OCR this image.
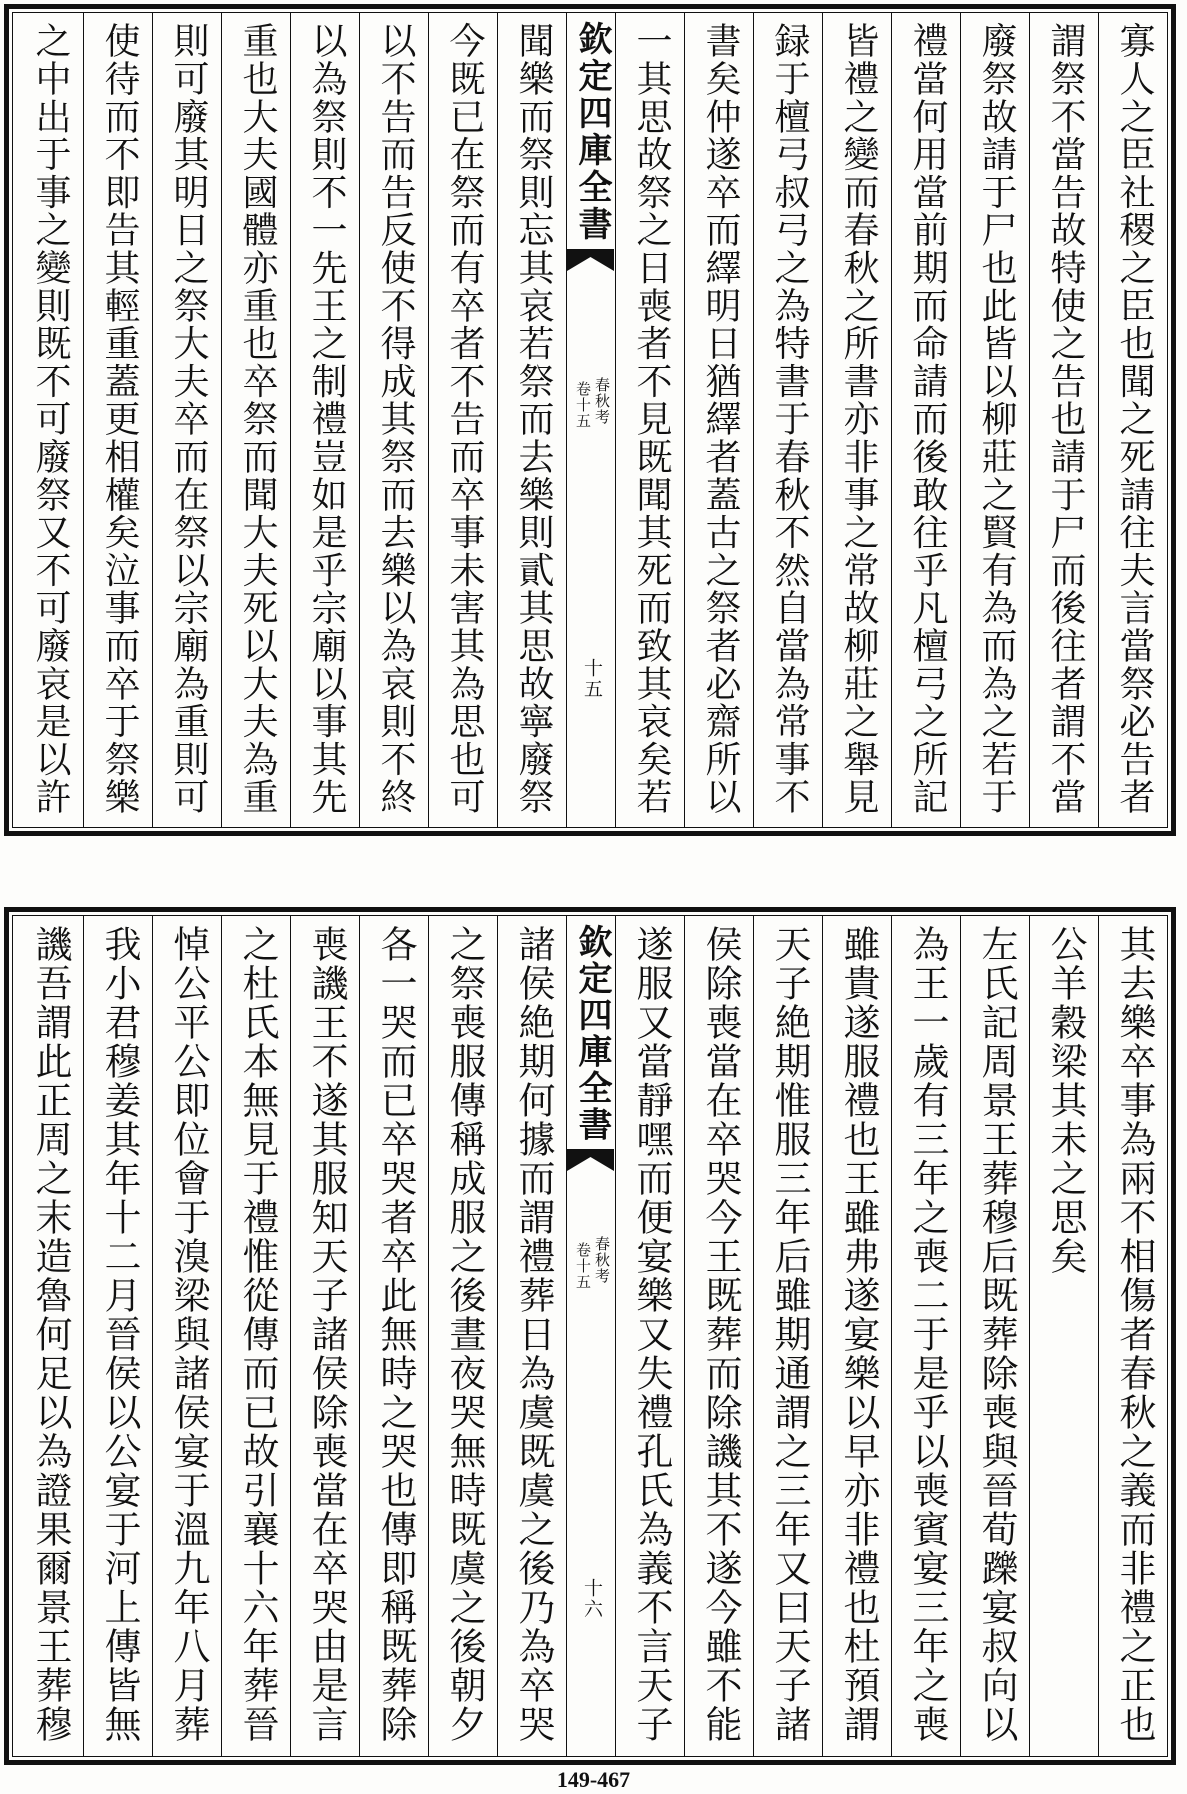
寡人之臣社稷之臣也聞之死請往夫言當祭必告者
謂祭不當告故特使之告也請于尸而後往者謂不當
廢祭故請于尸也此皆以柳莊之賢有為而為之若于
禮當何用當前期而命請而後敢往乎凡檀弓之所記
皆禮之變而春秋之所書亦非事之常故柳莊之舉見
録于檀弓叔弓之為特書于春秋不然自當為常事不
書矣仲遂卒而繹明日猶繹者蓋古之祭者必齋所以
一其思故祭之日喪者不見既聞其死而致其哀矣若
欽定四庫全書
春秋考
卷十五
十五
聞樂而祭則忘其哀若祭而去樂則貳其思故寧廢祭
今既已在祭而有卒者不告而卒事未害其為思也可
以不告而告反使不得成其祭而去樂以為哀則不終
以為祭則不一先王之制禮豈如是乎宗廟以事其先
重也大夫國體亦重也卒祭而聞大夫死以大夫為重
則可廢其明日之祭大夫卒而在祭以宗廟為重則可
使待而不即告其輕重蓋更相權矣泣事而卒于祭樂
之中出于事之變則既不可廢祭又不可廢哀是以許
其去樂卒事為兩不相傷者春秋之義而非禮之正也
公羊穀梁其未之思矣
左氏記周景王葬穆后既葬除喪與晉荀躒宴叔向以
為王一歲有三年之喪二于是乎以喪賓宴三年之喪
雖貴遂服禮也王雖弗遂宴樂以早亦非禮也杜預謂
天子絶期惟服三年后雖期通謂之三年又曰天子諸
侯除喪當在卒哭今王既葬而除譏其不遂今雖不能
遂服又當靜嘿而便宴樂又失禮孔氏為義不言天子
欽定四庫全書
春秋考
卷十五
十六
諸侯絶期何據而謂禮葬日為虞既虞之後乃為卒哭
之祭喪服傳稱成服之後晝夜哭無時既虞之後朝夕
各一哭而已卒哭者卒此無時之哭也傳即稱既葬除
喪譏王不遂其服知天子諸侯除喪當在卒哭由是言
之杜氏本無見于禮惟從傳而已故引襄十六年葬晉
悼公平公即位會于溴梁與諸侯宴于溫九年八月葬
我小君穆姜其年十二月晉侯以公宴于河上傳皆無
譏吾謂此正周之末造魯何足以為證果爾景王葬穆
149-467
